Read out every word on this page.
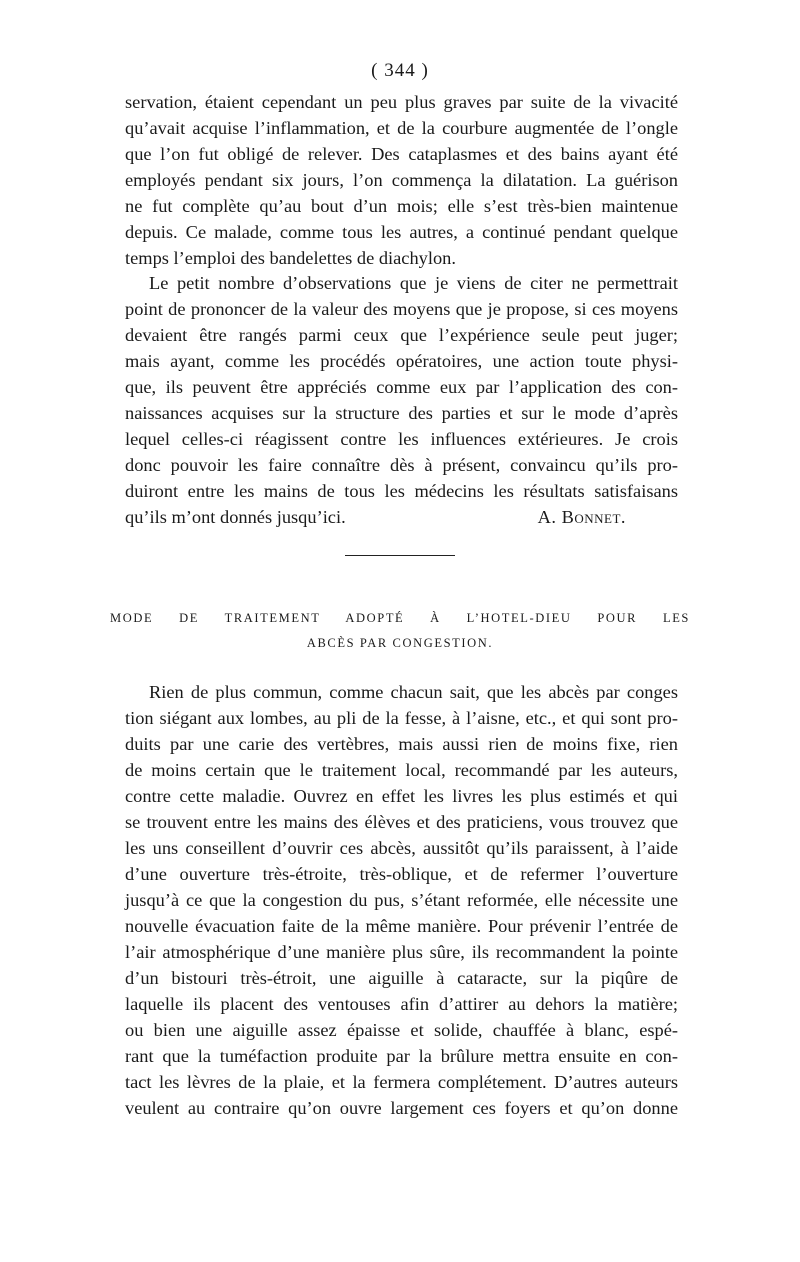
( 344 )
servation, étaient cependant un peu plus graves par suite de la vivacité
qu’avait acquise l’inflammation, et de la courbure augmentée de l’ongle
que l’on fut obligé de relever. Des cataplasmes et des bains ayant été
employés pendant six jours, l’on commença la dilatation. La guérison
ne fut complète qu’au bout d’un mois; elle s’est très-bien maintenue
depuis. Ce malade, comme tous les autres, a continué pendant quelque
temps l’emploi des bandelettes de diachylon.
Le petit nombre d’observations que je viens de citer ne permettrait
point de prononcer de la valeur des moyens que je propose, si ces moyens
devaient être rangés parmi ceux que l’expérience seule peut juger;
mais ayant, comme les procédés opératoires, une action toute physi-
que, ils peuvent être appréciés comme eux par l’application des con-
naissances acquises sur la structure des parties et sur le mode d’après
lequel celles-ci réagissent contre les influences extérieures. Je crois
donc pouvoir les faire connaître dès à présent, convaincu qu’ils pro-
duiront entre les mains de tous les médecins les résultats satisfaisans
qu’ils m’ont donnés jusqu’ici.	A. Bonnet.
MODE DE TRAITEMENT ADOPTÉ À L’HOTEL-DIEU POUR LES
ABCÈS PAR CONGESTION.
Rien de plus commun, comme chacun sait, que les abcès par conges
tion siégant aux lombes, au pli de la fesse, à l’aisne, etc., et qui sont pro-
duits par une carie des vertèbres, mais aussi rien de moins fixe, rien
de moins certain que le traitement local, recommandé par les auteurs,
contre cette maladie. Ouvrez en effet les livres les plus estimés et qui
se trouvent entre les mains des élèves et des praticiens, vous trouvez que
les uns conseillent d’ouvrir ces abcès, aussitôt qu’ils paraissent, à l’aide
d’une ouverture très-étroite, très-oblique, et de refermer l’ouverture
jusqu’à ce que la congestion du pus, s’étant reformée, elle nécessite une
nouvelle évacuation faite de la même manière. Pour prévenir l’entrée de
l’air atmosphérique d’une manière plus sûre, ils recommandent la pointe
d’un bistouri très-étroit, une aiguille à cataracte, sur la piqûre de
laquelle ils placent des ventouses afin d’attirer au dehors la matière;
ou bien une aiguille assez épaisse et solide, chauffée à blanc, espé-
rant que la tuméfaction produite par la brûlure mettra ensuite en con-
tact les lèvres de la plaie, et la fermera complétement. D’autres auteurs
veulent au contraire qu’on ouvre largement ces foyers et qu’on donne
